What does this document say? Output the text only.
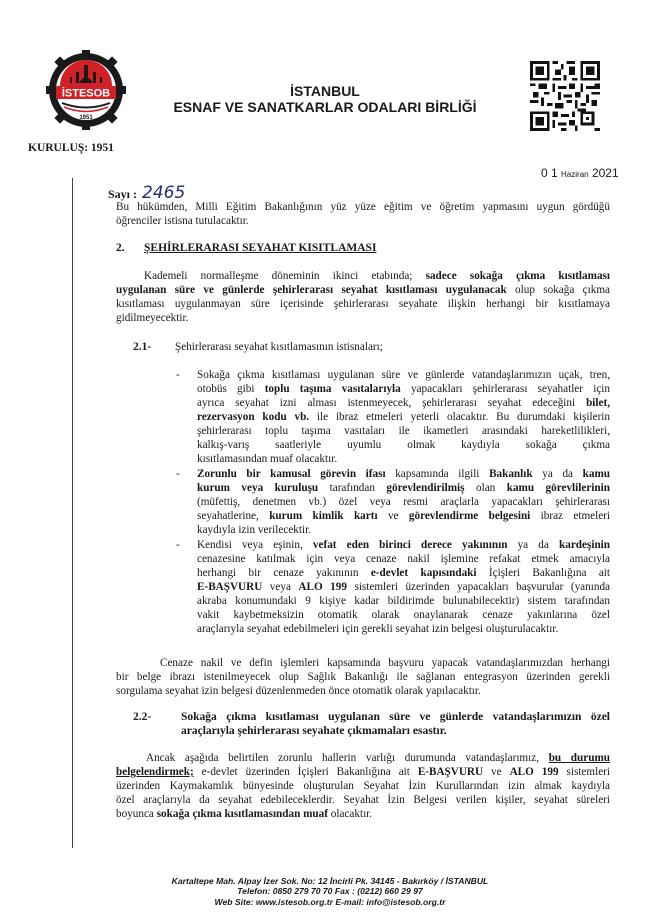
İSTESOB
1951
KURULUŞ: 1951
İSTANBUL
ESNAF VE SANATKARLAR ODALARI BİRLİĞİ
0 1 Haziran 2021
Sayı : 2465
Bu hükümden, Milli Eğitim Bakanlığının yüz yüze eğitim ve öğretim yapmasını uygun gördüğü
öğrenciler istisna tutulacaktır.
2. ŞEHİRLERARASI SEYAHAT KISITLAMASI
Kademeli normalleşme döneminin ikinci etabında; sadece sokağa çıkma kısıtlaması
uygulanan süre ve günlerde şehirlerarası seyahat kısıtlaması uygulanacak olup sokağa çıkma
kısıtlaması uygulanmayan süre içerisinde şehirlerarası seyahate ilişkin herhangi bir kısıtlamaya
gidilmeyecektir.
2.1- Şehirlerarası seyahat kısıtlamasının istisnaları;
- Sokağa çıkma kısıtlaması uygulanan süre ve günlerde vatandaşlarımızın uçak, tren,
otobüs gibi toplu taşıma vasıtalarıyla yapacakları şehirlerarası seyahatler için
ayrıca seyahat izni alması istenmeyecek, şehirlerarası seyahat edeceğini bilet,
rezervasyon kodu vb. ile ibraz etmeleri yeterli olacaktır. Bu durumdaki kişilerin
şehirlerarası toplu taşıma vasıtaları ile ikametleri arasındaki hareketlilikleri,
kalkış-varış saatleriyle uyumlu olmak kaydıyla sokağa çıkma
kısıtlamasından muaf olacaktır.
- Zorunlu bir kamusal görevin ifası kapsamında ilgili Bakanlık ya da kamu
kurum veya kuruluşu tarafından görevlendirilmiş olan kamu görevlilerinin
(müfettiş, denetmen vb.) özel veya resmi araçlarla yapacakları şehirlerarası
seyahatlerine, kurum kimlik kartı ve görevlendirme belgesini ibraz etmeleri
kaydıyla izin verilecektir.
- Kendisi veya eşinin, vefat eden birinci derece yakınının ya da kardeşinin
cenazesine katılmak için veya cenaze nakil işlemine refakat etmek amacıyla
herhangi bir cenaze yakınının e-devlet kapısındaki İçişleri Bakanlığına ait
E-BAŞVURU veya ALO 199 sistemleri üzerinden yapacakları başvurular (yanında
akraba konumundaki 9 kişiye kadar bildirimde bulunabilecektir) sistem tarafından
vakit kaybetmeksizin otomatik olarak onaylanarak cenaze yakınlarına özel
araçlarıyla seyahat edebilmeleri için gerekli seyahat izin belgesi oluşturulacaktır.
Cenaze nakil ve defin işlemleri kapsamında başvuru yapacak vatandaşlarımızdan herhangi
bir belge ibrazı istenilmeyecek olup Sağlık Bakanlığı ile sağlanan entegrasyon üzerinden gerekli
sorgulama seyahat izin belgesi düzenlenmeden önce otomatik olarak yapılacaktır.
2.2-	Sokağa çıkma kısıtlaması uygulanan süre ve günlerde vatandaşlarımızın özel
araçlarıyla şehirlerarası seyahate çıkmamaları esastır.
Ancak aşağıda belirtilen zorunlu hallerin varlığı durumunda vatandaşlarımız, bu durumu
belgelendirmek; e-devlet üzerinden İçişleri Bakanlığına ait E-BAŞVURU ve ALO 199 sistemleri
üzerinden Kaymakamlık bünyesinde oluşturulan Seyahat İzin Kurullarından izin almak kaydıyla
özel araçlarıyla da seyahat edebileceklerdir. Seyahat İzin Belgesi verilen kişiler, seyahat süreleri
boyunca sokağa çıkma kısıtlamasından muaf olacaktır.
Kartaltepe Mah. Alpay İzer Sok. No: 12 İncirli Pk. 34145 - Bakırköy / İSTANBUL
Telefon: 0850 279 70 70 Fax : (0212) 660 29 97
Web Site: www.istesob.org.tr E-mail: info@istesob.org.tr
